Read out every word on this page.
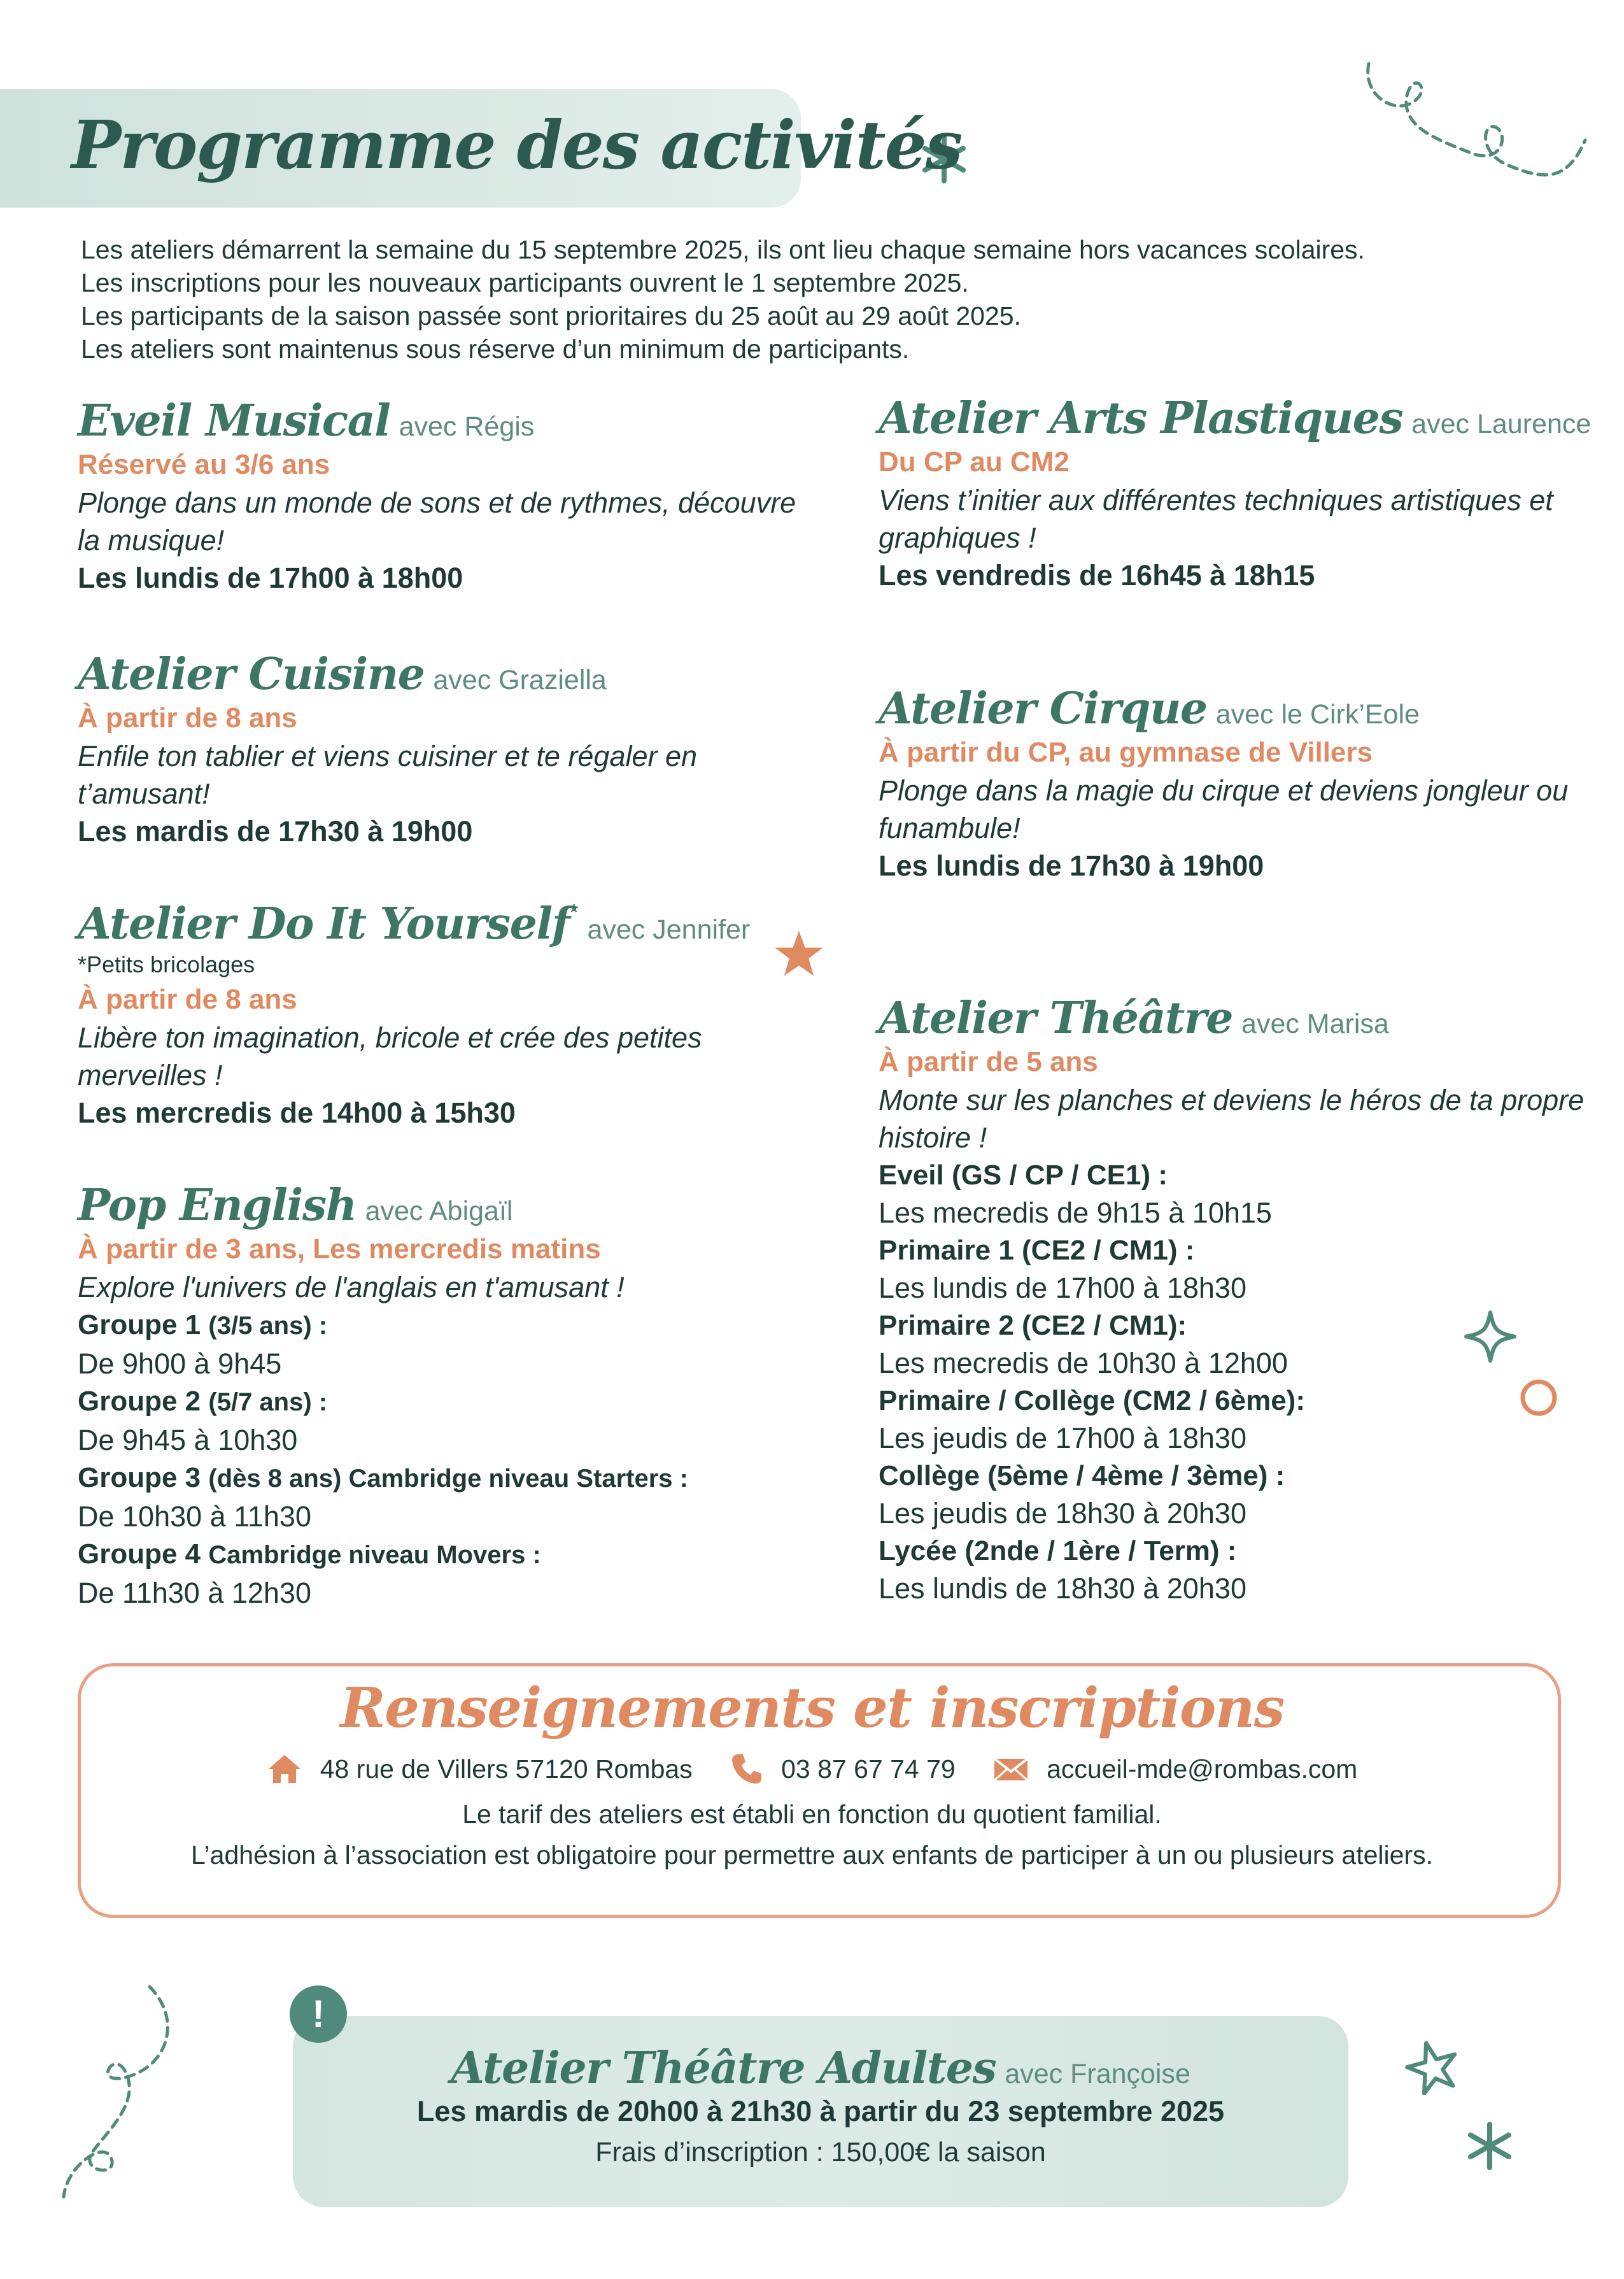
Programme des activités
Les ateliers démarrent la semaine du 15 septembre 2025, ils ont lieu chaque semaine hors vacances scolaires.
Les inscriptions pour les nouveaux participants ouvrent le 1 septembre 2025.
Les participants de la saison passée sont prioritaires du 25 août au 29 août 2025.
Les ateliers sont maintenus sous réserve d’un minimum de participants.
Eveil Musical avec Régis
Réservé au 3/6 ans
Plonge dans un monde de sons et de rythmes, découvre la musique!
Les lundis de 17h00 à 18h00
Atelier Cuisine avec Graziella
À partir de 8 ans
Enfile ton tablier et viens cuisiner et te régaler en t’amusant!
Les mardis de 17h30 à 19h00
Atelier Do It Yourself*avec Jennifer
*Petits bricolages
À partir de 8 ans
Libère ton imagination, bricole et crée des petites merveilles !
Les mercredis de 14h00 à 15h30
Pop English avec Abigaïl
À partir de 3 ans, Les mercredis matins
Explore l'univers de l'anglais en t'amusant !
Groupe 1 (3/5 ans) :
De 9h00 à 9h45
Groupe 2 (5/7 ans) :
De 9h45 à 10h30
Groupe 3 (dès 8 ans) Cambridge niveau Starters :
De 10h30 à 11h30
Groupe 4 Cambridge niveau Movers :
De 11h30 à 12h30
Atelier Arts Plastiques avec Laurence
Du CP au CM2
Viens t’initier aux différentes techniques artistiques et graphiques !
Les vendredis de 16h45 à 18h15
Atelier Cirque avec le Cirk’Eole
À partir du CP, au gymnase de Villers
Plonge dans la magie du cirque et deviens jongleur ou funambule!
Les lundis de 17h30 à 19h00
Atelier Théâtre avec Marisa
À partir de 5 ans
Monte sur les planches et deviens le héros de ta propre histoire !
Eveil (GS / CP / CE1) :
Les mecredis de 9h15 à 10h15
Primaire 1 (CE2 / CM1) :
Les lundis de 17h00 à 18h30
Primaire 2 (CE2 / CM1):
Les mecredis de 10h30 à 12h00
Primaire / Collège (CM2 / 6ème):
Les jeudis de 17h00 à 18h30
Collège (5ème / 4ème / 3ème) :
Les jeudis de 18h30 à 20h30
Lycée (2nde / 1ère / Term) :
Les lundis de 18h30 à 20h30
Renseignements et inscriptions
48 rue de Villers 57120 Rombas
	03 87 67 74 79
	accueil-mde@rombas.com
Le tarif des ateliers est établi en fonction du quotient familial.
L’adhésion à l’association est obligatoire pour permettre aux enfants de participer à un ou plusieurs ateliers.
!
Atelier Théâtre Adultes avec Françoise
Les mardis de 20h00 à 21h30 à partir du 23 septembre 2025
Frais d’inscription : 150,00€ la saison
